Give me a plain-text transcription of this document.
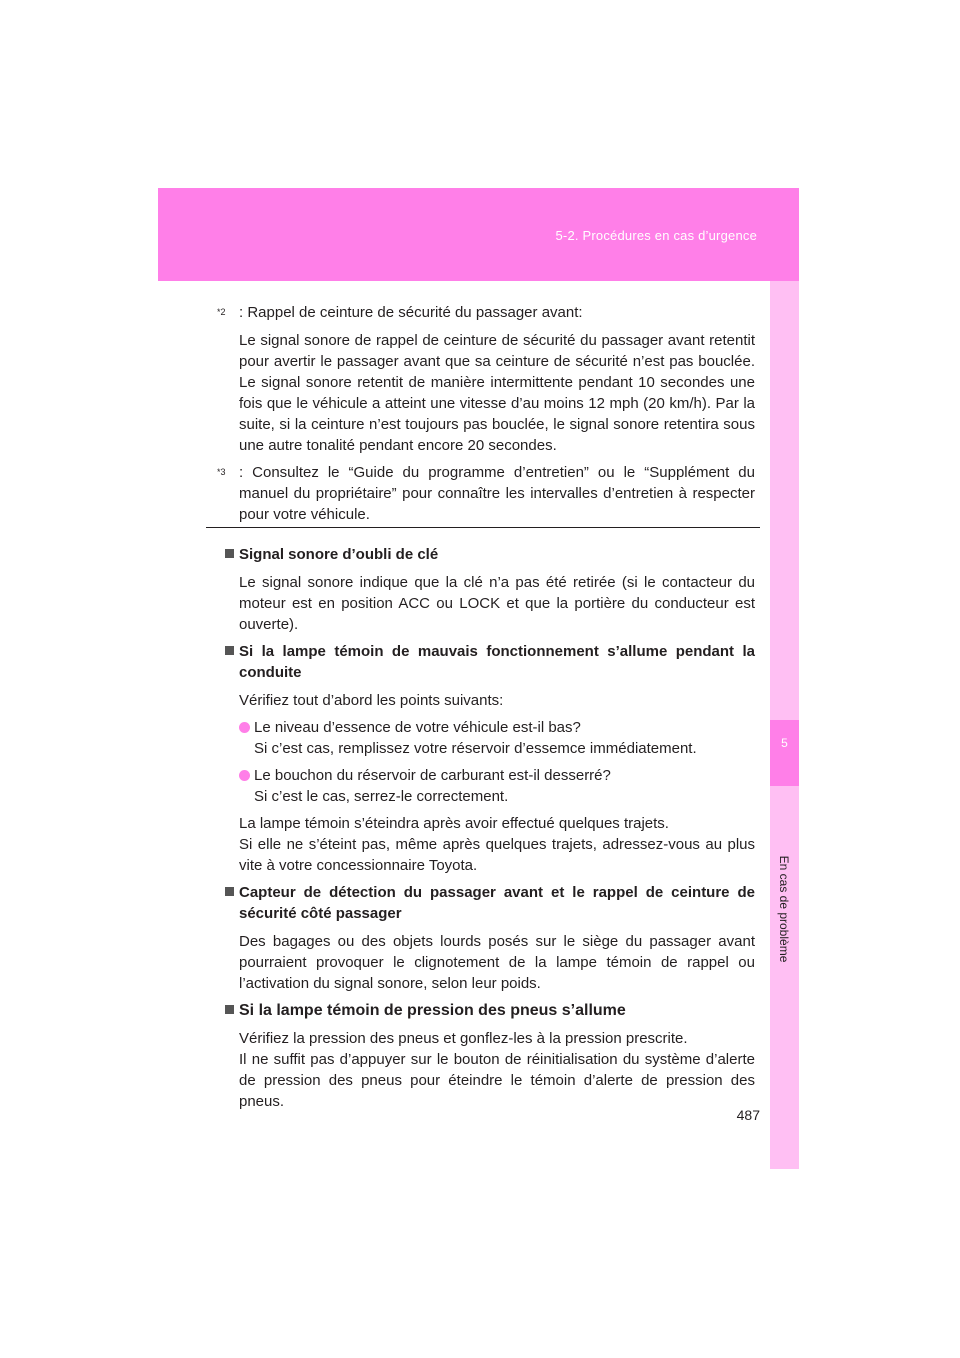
5-2. Procédures en cas d’urgence
5
En cas de problème
$^{*2}$ : Rappel de ceinture de sécurité du passager avant:
Le signal sonore de rappel de ceinture de sécurité du passager avant retentit pour avertir le passager avant que sa ceinture de sécurité n’est pas bouclée. Le signal sonore retentit de manière intermittente pendant 10 secondes une fois que le véhicule a atteint une vitesse d’au moins 12 mph (20 km/h). Par la suite, si la ceinture n’est toujours pas bouclée, le signal sonore retentira sous une autre tonalité pendant encore 20 secondes.
$^{*3}$ : Consultez le “Guide du programme d’entretien” ou le “Supplément du manuel du propriétaire” pour connaître les intervalles d’entretien à respecter pour votre véhicule.
Signal sonore d’oubli de clé
Le signal sonore indique que la clé n’a pas été retirée (si le contacteur du moteur est en position ACC ou LOCK et que la portière du conducteur est ouverte).
Si la lampe témoin de mauvais fonctionnement s’allume pendant la conduite
Vérifiez tout d’abord les points suivants:
Le niveau d’essence de votre véhicule est-il bas?
Si c’est cas, remplissez votre réservoir d’essemce immédiatement.
Le bouchon du réservoir de carburant est-il desserré?
Si c’est le cas, serrez-le correctement.
La lampe témoin s’éteindra après avoir effectué quelques trajets.
Si elle ne s’éteint pas, même après quelques trajets, adressez-vous au plus vite à votre concessionnaire Toyota.
Capteur de détection du passager avant et le rappel de ceinture de sécurité côté passager
Des bagages ou des objets lourds posés sur le siège du passager avant pourraient provoquer le clignotement de la lampe témoin de rappel ou l’activation du signal sonore, selon leur poids.
Si la lampe témoin de pression des pneus s’allume
Vérifiez la pression des pneus et gonflez-les à la pression prescrite.
Il ne suffit pas d’appuyer sur le bouton de réinitialisation du système d’alerte de pression des pneus pour éteindre le témoin d’alerte de pression des pneus.
487
